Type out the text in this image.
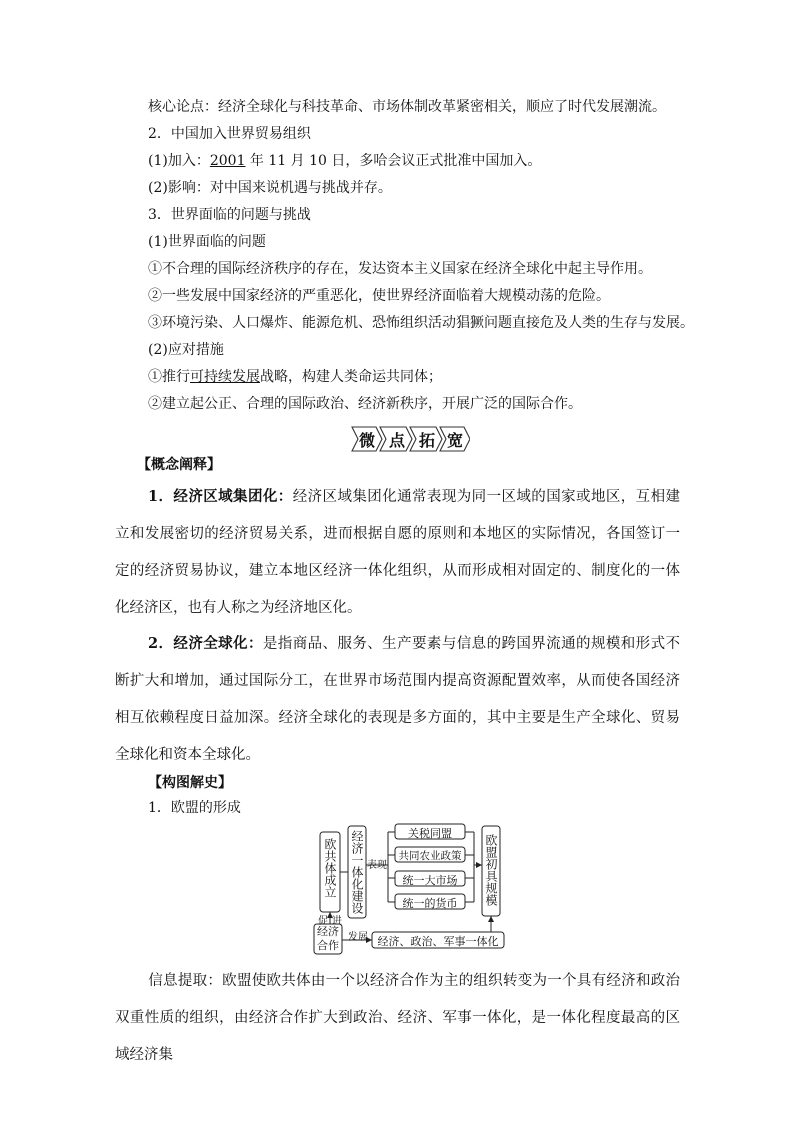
核心论点：经济全球化与科技革命、市场体制改革紧密相关，顺应了时代发展潮流。
2．中国加入世界贸易组织
(1)加入：2001 年 11 月 10 日，多哈会议正式批准中国加入。
(2)影响：对中国来说机遇与挑战并存。
3．世界面临的问题与挑战
(1)世界面临的问题
①不合理的国际经济秩序的存在，发达资本主义国家在经济全球化中起主导作用。
②一些发展中国家经济的严重恶化，使世界经济面临着大规模动荡的危险。
③环境污染、人口爆炸、能源危机、恐怖组织活动猖獗问题直接危及人类的生存与发展。
(2)应对措施
①推行可持续发展战略，构建人类命运共同体；
②建立起公正、合理的国际政治、经济新秩序，开展广泛的国际合作。
微 点 拓 宽
【概念阐释】
1．经济区域集团化：经济区域集团化通常表现为同一区域的国家或地区，互相建立和发展密切的经济贸易关系，进而根据自愿的原则和本地区的实际情况，各国签订一定的经济贸易协议，建立本地区经济一体化组织，从而形成相对固定的、制度化的一体化经济区，也有人称之为经济地区化。
2．经济全球化：是指商品、服务、生产要素与信息的跨国界流通的规模和形式不断扩大和增加，通过国际分工，在世界市场范围内提高资源配置效率，从而使各国经济相互依赖程度日益加深。经济全球化的表现是多方面的，其中主要是生产全球化、贸易全球化和资本全球化。
【构图解史】
1．欧盟的形成
欧共体成立 经济一体化建设 表现
关税同盟
共同农业政策
统一大市场
统一的货币	欧盟初具规模
促进
经济合作
发展 经济、政治、军事一体化
信息提取：欧盟使欧共体由一个以经济合作为主的组织转变为一个具有经济和政治双重性质的组织，由经济合作扩大到政治、经济、军事一体化，是一体化程度最高的区域经济集
